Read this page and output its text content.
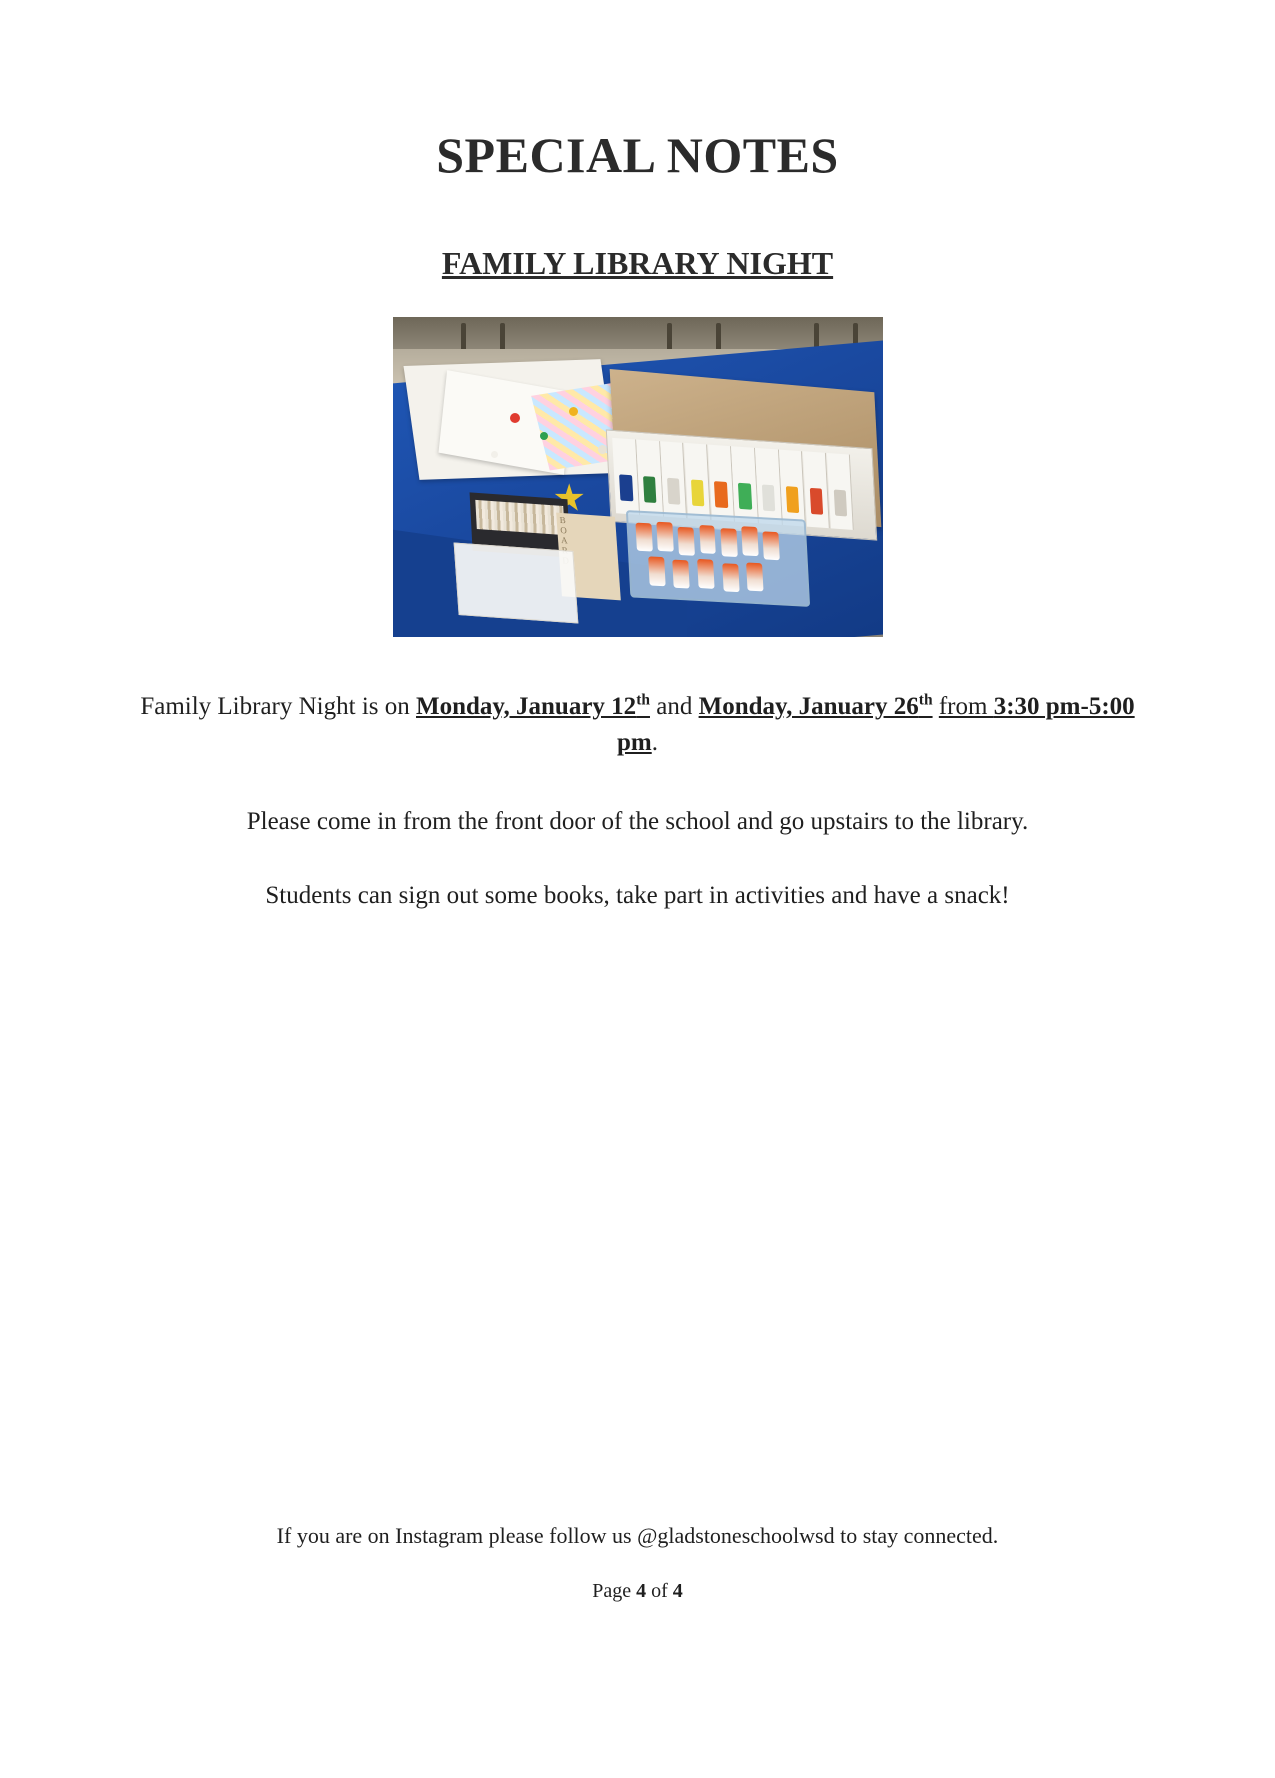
SPECIAL NOTES
FAMILY LIBRARY NIGHT
B
O
A

Family Library Night is on Monday, January 12th and Monday, January 26th from 3:30 pm-5:00 pm.

Please come in from the front door of the school and go upstairs to the library.

Students can sign out some books, take part in activities and have a snack!

If you are on Instagram please follow us @gladstoneschoolwsd to stay connected.
Page 4 of 4
